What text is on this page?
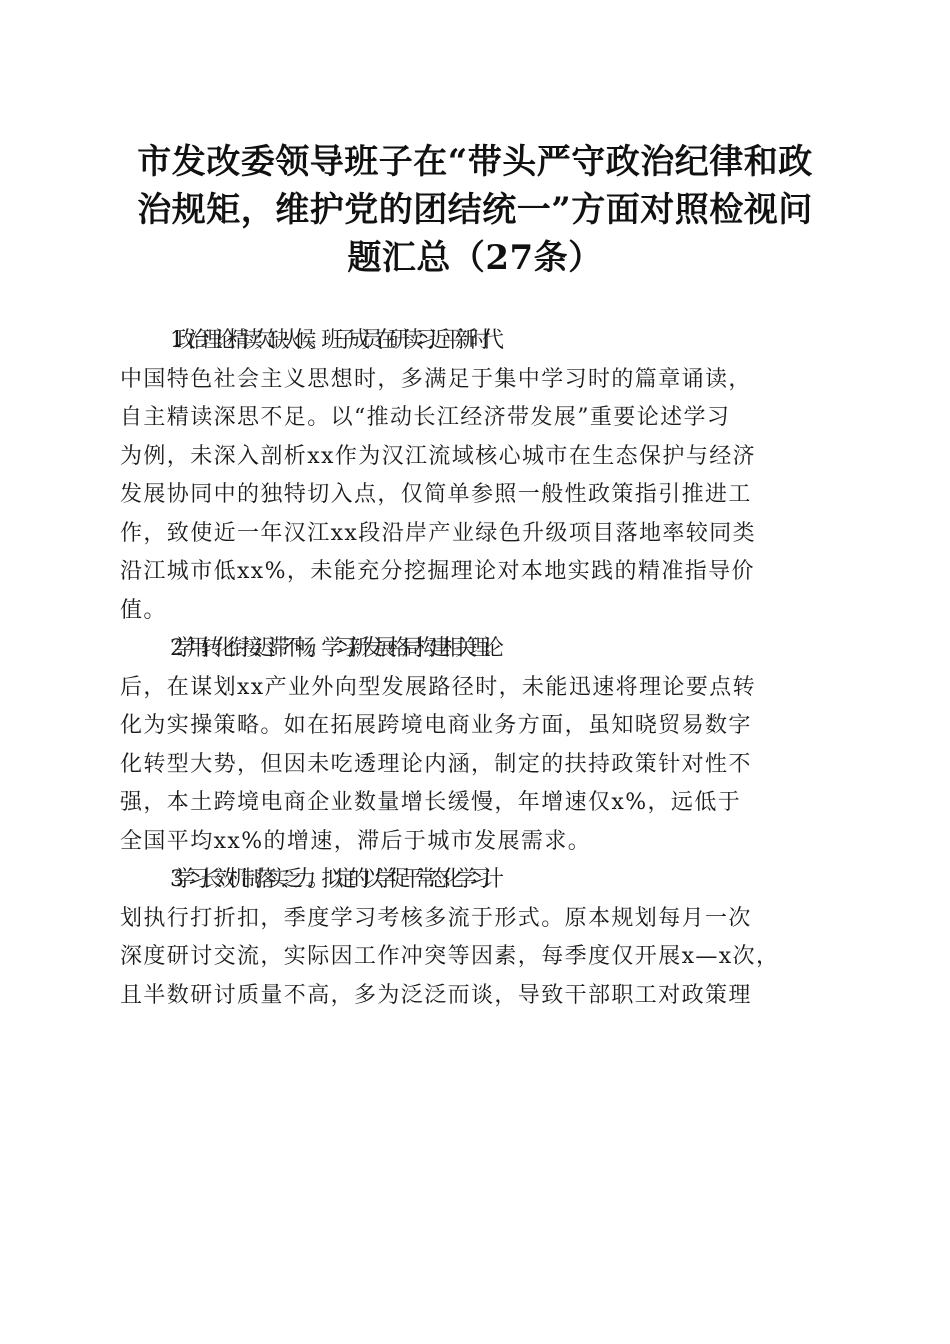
市发改委领导班子在“带头严守政治纪律和政
治规矩，维护党的团结统一”方面对照检视问
题汇总（27条）

1.政治理论精读欠缺火候。班子成员在研读习近平新时代
中国特色社会主义思想时，多满足于集中学习时的篇章诵读，
自主精读深思不足。以“推动长江经济带发展”重要论述学习
为例，未深入剖析xx作为汉江流域核心城市在生态保护与经济
发展协同中的独特切入点，仅简单参照一般性政策指引推进工
作，致使近一年汉江xx段沿岸产业绿色升级项目落地率较同类
沿江城市低xx%，未能充分挖掘理论对本地实践的精准指导价
值。

2.学用转化衔接迟滞不畅。学习新发展格局构建相关理论
后，在谋划xx产业外向型发展路径时，未能迅速将理论要点转
化为实操策略。如在拓展跨境电商业务方面，虽知晓贸易数字
化转型大势，但因未吃透理论内涵，制定的扶持政策针对性不
强，本土跨境电商企业数量增长缓慢，年增速仅x%，远低于
全国平均xx%的增速，滞后于城市发展需求。

3.学习长效机制落实乏力。拟定的以学促干常态化学习计
划执行打折扣，季度学习考核多流于形式。原本规划每月一次
深度研讨交流，实际因工作冲突等因素，每季度仅开展x—x次，
且半数研讨质量不高，多为泛泛而谈，导致干部职工对政策理
